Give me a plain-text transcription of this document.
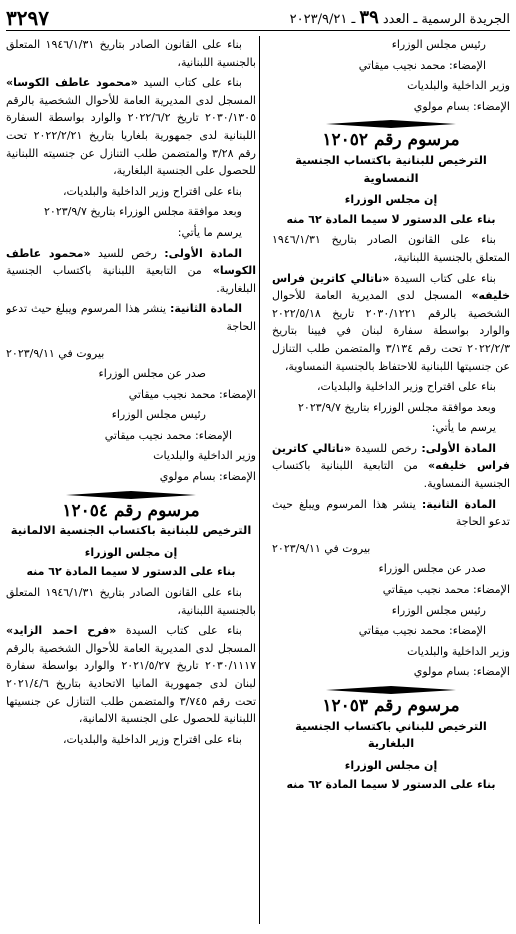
الجريدة الرسمية ـ العدد ٣٩ ـ ٢٠٢٣/٩/٢١
٣٢٩٧
رئيس مجلس الوزراء
الإمضاء: محمد نجيب ميقاتي
وزير الداخلية والبلديات
الإمضاء: بسام مولوي
مرسوم رقم ١٢٠٥٢
الترخيص للبنانية باكتساب الجنسية النمساوية
إن مجلس الوزراء
بناء على الدستور لا سيما المادة ٦٢ منه
بناء على القانون الصادر بتاريخ ١٩٤٦/١/٣١ المتعلق بالجنسية اللبنانية،
بناء على كتاب السيدة «ناتالي كاترين فراس خليفه» المسجل لدى المديرية العامة للأحوال الشخصية بالرقم ٢٠٣٠/١٢٢١ تاريخ ٢٠٢٢/٥/١٨ والوارد بواسطة سفارة لبنان في فيينا بتاريخ ٢٠٢٢/٢/٣ تحت رقم ٣/١٣٤ والمتضمن طلب التنازل عن جنسيتها اللبنانية للاحتفاظ بالجنسية النمساوية،
بناء على اقتراح وزير الداخلية والبلديات،
وبعد موافقة مجلس الوزراء بتاريخ ٢٠٢٣/٩/٧
يرسم ما يأتي:
المادة الأولى: رخص للسيدة «ناتالي كاترين فراس خليفه» من التابعية اللبنانية باكتساب الجنسية النمساوية.
المادة الثانية: ينشر هذا المرسوم ويبلغ حيث تدعو الحاجة
بيروت في ٢٠٢٣/٩/١١
صدر عن مجلس الوزراء
الإمضاء: محمد نجيب ميقاتي
رئيس مجلس الوزراء
الإمضاء: محمد نجيب ميقاتي
وزير الداخلية والبلديات
الإمضاء: بسام مولوي
مرسوم رقم ١٢٠٥٣
الترخيص للبناني باكتساب الجنسية البلغارية
إن مجلس الوزراء
بناء على الدستور لا سيما المادة ٦٢ منه
بناء على القانون الصادر بتاريخ ١٩٤٦/١/٣١ المتعلق بالجنسية اللبنانية،
بناء على كتاب السيد «محمود عاطف الكوسا» المسجل لدى المديرية العامة للأحوال الشخصية بالرقم ٢٠٣٠/١٣٠٥ تاريخ ٢٠٢٢/٦/٢ والوارد بواسطة السفارة اللبنانية لدى جمهورية بلغاريا بتاريخ ٢٠٢٢/٢/٢١ تحت رقم ٣/٢٨ والمتضمن طلب التنازل عن جنسيته اللبنانية للحصول على الجنسية البلغارية،
بناء على اقتراح وزير الداخلية والبلديات،
وبعد موافقة مجلس الوزراء بتاريخ ٢٠٢٣/٩/٧
يرسم ما يأتي:
المادة الأولى: رخص للسيد «محمود عاطف الكوسا» من التابعية اللبنانية باكتساب الجنسية البلغارية.
المادة الثانية: ينشر هذا المرسوم ويبلغ حيث تدعو الحاجة
بيروت في ٢٠٢٣/٩/١١
صدر عن مجلس الوزراء
الإمضاء: محمد نجيب ميقاتي
رئيس مجلس الوزراء
الإمضاء: محمد نجيب ميقاتي
وزير الداخلية والبلديات
الإمضاء: بسام مولوي
مرسوم رقم ١٢٠٥٤
الترخيص للبنانية باكتساب الجنسية الالمانية
إن مجلس الوزراء
بناء على الدستور لا سيما المادة ٦٢ منه
بناء على القانون الصادر بتاريخ ١٩٤٦/١/٣١ المتعلق بالجنسية اللبنانية،
بناء على كتاب السيدة «فرح احمد الزايد» المسجل لدى المديرية العامة للأحوال الشخصية بالرقم ٢٠٣٠/١١١٧ تاريخ ٢٠٢١/٥/٢٧ والوارد بواسطة سفارة لبنان لدى جمهورية المانيا الاتحادية بتاريخ ٢٠٢١/٤/٦ تحت رقم ٣/٧٤٥ والمتضمن طلب التنازل عن جنسيتها اللبنانية للحصول على الجنسية الالمانية،
بناء على اقتراح وزير الداخلية والبلديات،
